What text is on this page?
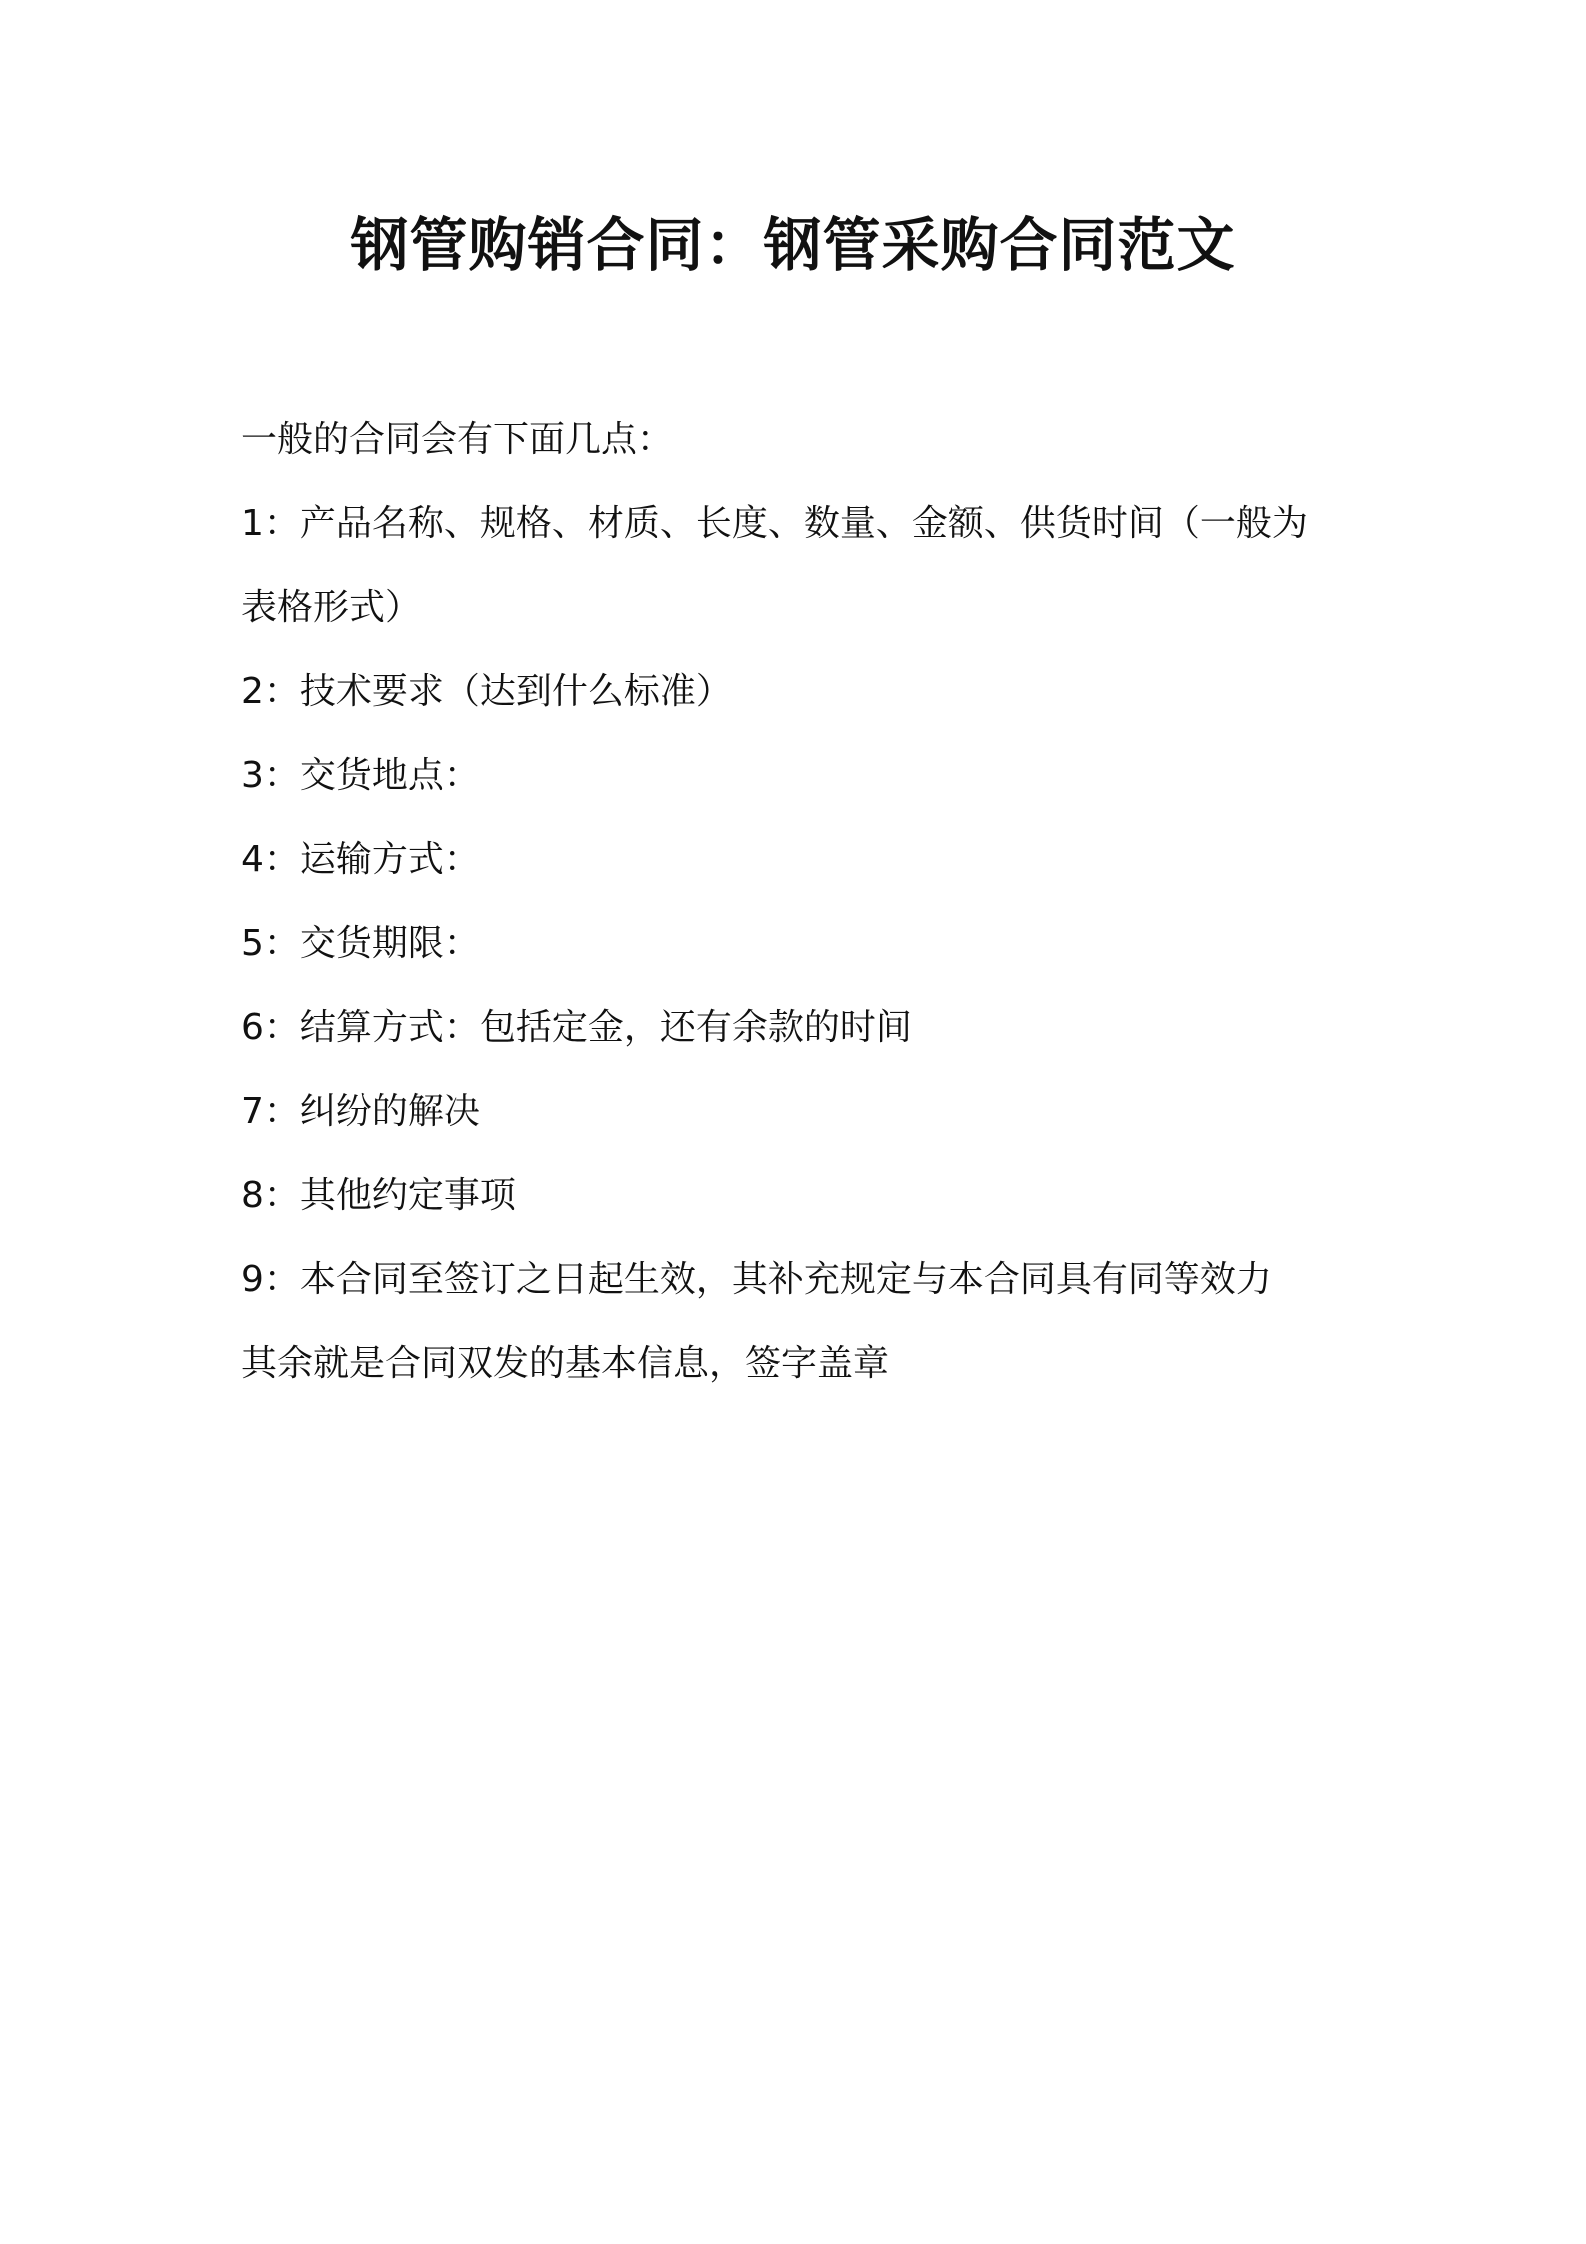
钢管购销合同：钢管采购合同范文

一般的合同会有下面几点：

1：产品名称、规格、材质、长度、数量、金额、供货时间（一般为

表格形式）

2：技术要求（达到什么标准）

3：交货地点：

4：运输方式：

5：交货期限：

6：结算方式：包括定金，还有余款的时间

7：纠纷的解决

8：其他约定事项

9：本合同至签订之日起生效，其补充规定与本合同具有同等效力

其余就是合同双发的基本信息，签字盖章
